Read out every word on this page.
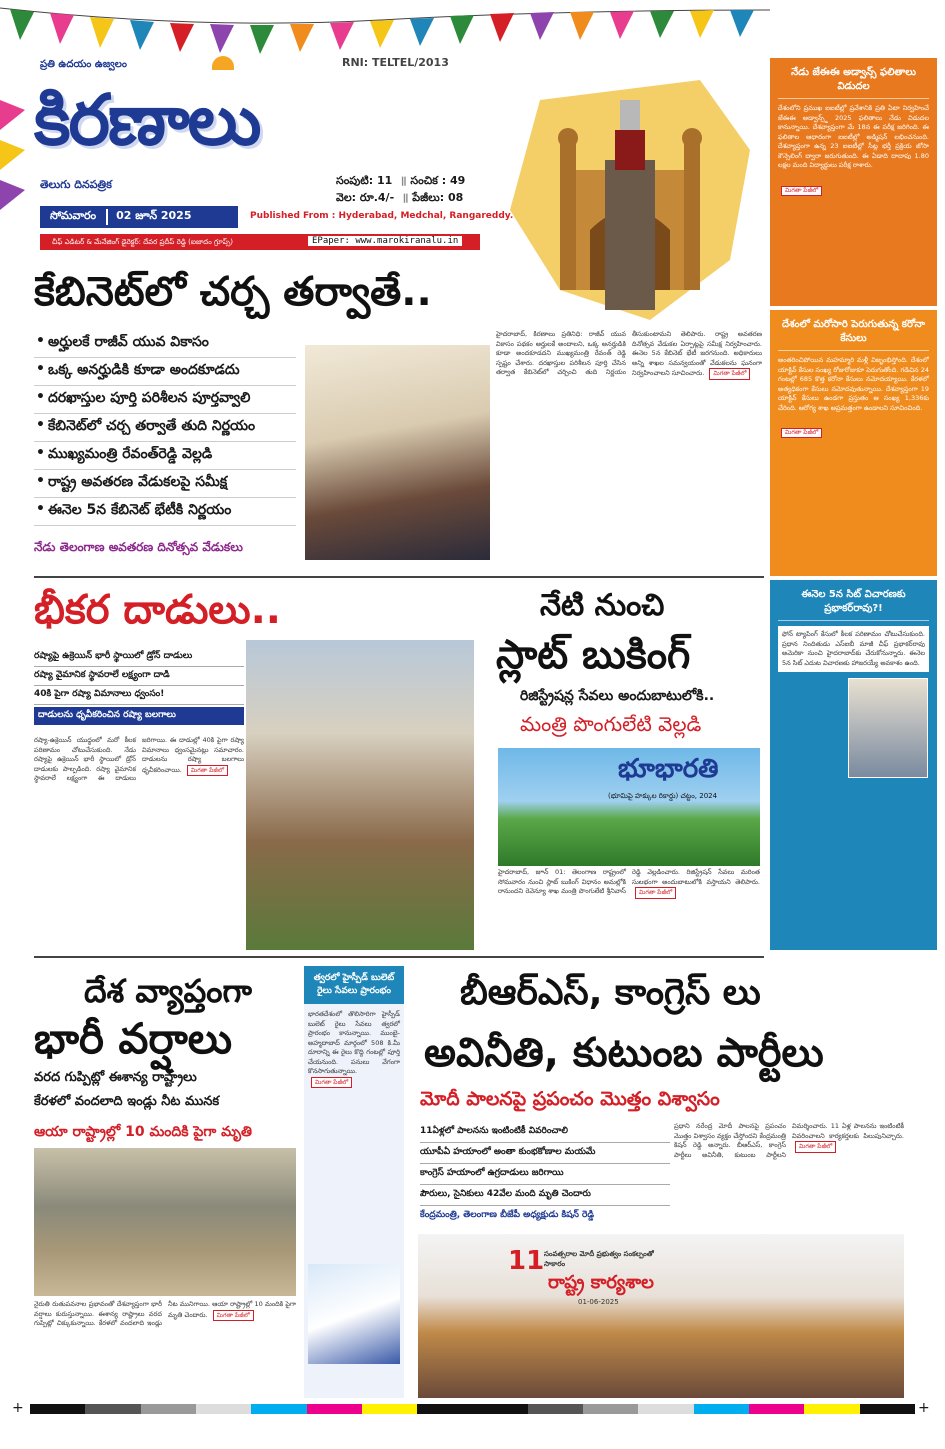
ప్రతి ఉదయం ఉజ్వలం	RNI: TELTEL/2013
కిరణాలు
తెలుగు దినపత్రిక	సంపుటి: 11 ॥ సంచిక : 49
వెల: రూ.4/- ॥ పేజీలు: 08
సోమవారం	02 జూన్ 2025	Published From : Hyderabad, Medchal, Rangareddy.
చీఫ్ ఎడిటర్ & మేనేజింగ్ డైరెక్టర్: దేవర ప్రదీప్ రెడ్డి (ఐజాదం గ్రూప్స్)	EPaper: www.marokiranalu.in
నేడు జేఈఈ అడ్వాన్స్ ఫలితాలు విడుదల
దేశంలోని ప్రముఖ ఐఐటీల్లో ప్రవేశానికి ప్రతి ఏటా నిర్వహించే జేఈఈ అడ్వాన్స్డ్ 2025 ఫలితాలు నేడు విడుదల కానున్నాయి. దేశవ్యాప్తంగా మే 18న ఈ పరీక్ష జరిగింది. ఈ ఫలితాల ఆధారంగా ఐఐటీల్లో అడ్మిషన్ లభించనుంది. దేశవ్యాప్తంగా ఉన్న 23 ఐఐటీల్లో సీట్ల భర్తీ ప్రక్రియ జోసా కౌన్సెలింగ్ ద్వారా జరుగుతుంది. ఈ ఏడాది దాదాపు 1.80 లక్షల మంది విద్యార్థులు పరీక్ష రాశారు.
మిగతా పేజీలో
దేశంలో మరోసారి పెరుగుతున్న కరోనా కేసులు
అంతరించిపోయిన మహమ్మారి మళ్లీ విజృంభిస్తోంది. దేశంలో యాక్టివ్ కేసుల సంఖ్య రోజురోజుకూ పెరుగుతోంది. గడిచిన 24 గంటల్లో 685 కొత్త కరోనా కేసులు నమోదయ్యాయి. కేరళలో అత్యధికంగా కేసులు నమోదవుతున్నాయి. దేశవ్యాప్తంగా 19 యాక్టివ్ కేసులు ఉండగా ప్రస్తుతం ఆ సంఖ్య 1,336కు చేరింది. ఆరోగ్య శాఖ అప్రమత్తంగా ఉండాలని సూచించింది.
మిగతా పేజీలో
ఈనెల 5న సిట్ విచారణకు ప్రభాకర్‌రావు?!
ఫోన్ ట్యాపింగ్ కేసులో కీలక పరిణామం చోటుచేసుకుంది. ప్రధాన నిందితుడు ఎస్ఐబీ మాజీ చీఫ్ ప్రభాకర్‌రావు అమెరికా నుంచి హైదరాబాద్‌కు చేరుకోనున్నారు. ఈనెల 5న సిట్ ఎదుట విచారణకు హాజరయ్యే అవకాశం ఉంది.
కేబినెట్‌లో చర్చ తర్వాతే..
• అర్హులకే రాజీవ్ యువ వికాసం
• ఒక్క అనర్హుడికి కూడా అందకూడదు
• దరఖాస్తుల పూర్తి పరిశీలన పూర్తవ్వాలి
• కేబినెట్‌లో చర్చ తర్వాతే తుది నిర్ణయం
• ముఖ్యమంత్రి రేవంత్‌రెడ్డి వెల్లడి
• రాష్ట్ర అవతరణ వేడుకలపై సమీక్ష
• ఈనెల 5న కేబినెట్ భేటీకి నిర్ణయం
నేడు తెలంగాణ అవతరణ దినోత్సవ వేడుకలు
హైదరాబాద్, కిరణాలు ప్రతినిధి: రాజీవ్ యువ వికాసం పథకం అర్హులకే అందాలని, ఒక్క అనర్హుడికి కూడా అందకూడదని ముఖ్యమంత్రి రేవంత్ రెడ్డి స్పష్టం చేశారు. దరఖాస్తుల పరిశీలన పూర్తి చేసిన తర్వాత కేబినెట్‌లో చర్చించి తుది నిర్ణయం తీసుకుంటామని తెలిపారు. రాష్ట్ర అవతరణ దినోత్సవ వేడుకల ఏర్పాట్లపై సమీక్ష నిర్వహించారు. ఈనెల 5న కేబినెట్ భేటీ జరగనుంది. అధికారులు అన్ని శాఖల సమన్వయంతో వేడుకలను ఘనంగా నిర్వహించాలని సూచించారు. మిగతా పేజీలో
భీకర దాడులు..
రష్యాపై ఉక్రెయిన్ భారీ స్థాయిలో డ్రోన్ దాడులు
రష్యా వైమానిక స్థావరాలే లక్ష్యంగా దాడి
40కి పైగా రష్యా విమానాలు ధ్వంసం!
దాడులను ధృవీకరించిన రష్యా బలగాలు
రష్యా-ఉక్రెయిన్ యుద్ధంలో మరో కీలక పరిణామం చోటుచేసుకుంది. నేడు రష్యాపై ఉక్రెయిన్ భారీ స్థాయిలో డ్రోన్ దాడులకు పాల్పడింది. రష్యా వైమానిక స్థావరాలే లక్ష్యంగా ఈ దాడులు జరిగాయి. ఈ దాడుల్లో 40కి పైగా రష్యా విమానాలు ధ్వంసమైనట్లు సమాచారం. దాడులను రష్యా బలగాలు ధృవీకరించాయి. మిగతా పేజీలో
నేటి నుంచి
స్లాట్ బుకింగ్
రిజిస్ట్రేషన్ల సేవలు అందుబాటులోకి..
మంత్రి పొంగులేటి వెల్లడి
భూభారతి
(భూమిపై హక్కుల రికార్డు) చట్టం, 2024
హైదరాబాద్, జూన్ 01: తెలంగాణ రాష్ట్రంలో సోమవారం నుంచి స్లాట్ బుకింగ్ విధానం అమల్లోకి రానుందని రెవెన్యూ శాఖ మంత్రి పొంగులేటి శ్రీనివాస్ రెడ్డి వెల్లడించారు. రిజిస్ట్రేషన్ సేవలు మరింత సులభంగా అందుబాటులోకి వస్తాయని తెలిపారు. మిగతా పేజీలో
దేశ వ్యాప్తంగా
భారీ వర్షాలు
వరద గుప్పిట్లో ఈశాన్య రాష్ట్రాలు
కేరళలో వందలాది ఇండ్లు నీట మునక
ఆయా రాష్ట్రాల్లో 10 మందికి పైగా మృతి
నైరుతి రుతుపవనాల ప్రభావంతో దేశవ్యాప్తంగా భారీ వర్షాలు కురుస్తున్నాయి. ఈశాన్య రాష్ట్రాలు వరద గుప్పిట్లో చిక్కుకున్నాయి. కేరళలో వందలాది ఇండ్లు నీట మునిగాయి. ఆయా రాష్ట్రాల్లో 10 మందికి పైగా మృతి చెందారు. మిగతా పేజీలో
త్వరలో హైస్పీడ్ బులెట్ రైలు సేవలు ప్రారంభం
భారతదేశంలో తొలిసారిగా హైస్పీడ్ బులెట్ రైలు సేవలు త్వరలో ప్రారంభం కానున్నాయి. ముంబై-అహ్మదాబాద్ మార్గంలో 508 కి.మీ దూరాన్ని ఈ రైలు కొద్ది గంటల్లో పూర్తి చేయనుంది. పనులు వేగంగా కొనసాగుతున్నాయి. మిగతా పేజీలో
బీఆర్ఎస్, కాంగ్రెస్ లు
అవినీతి, కుటుంబ పార్టీలు
మోదీ పాలనపై ప్రపంచం మొత్తం విశ్వాసం
11ఏళ్లలో పాలనను ఇంటింటికీ వివరించాలి
యూపీఏ హయాంలో అంతా కుంభకోణాల మయమే
కాంగ్రెస్ హయాంలో ఉగ్రదాడులు జరిగాయి
పౌరులు, సైనికులు 42వేల మంది మృతి చెందారు
కేంద్రమంత్రి, తెలంగాణ బీజేపీ అధ్యక్షుడు కిషన్ రెడ్డి
ప్రధాని నరేంద్ర మోదీ పాలనపై ప్రపంచం మొత్తం విశ్వాసం వ్యక్తం చేస్తోందని కేంద్రమంత్రి కిషన్ రెడ్డి అన్నారు. బీఆర్ఎస్, కాంగ్రెస్ పార్టీలు అవినీతి, కుటుంబ పార్టీలని విమర్శించారు. 11 ఏళ్ల పాలనను ఇంటింటికీ వివరించాలని కార్యకర్తలకు పిలుపునిచ్చారు. మిగతా పేజీలో
11 సంవత్సరాల మోదీ ప్రభుత్వం సంకల్పంతో సాకారం
రాష్ట్ర కార్యశాల
01-06-2025
+	+
